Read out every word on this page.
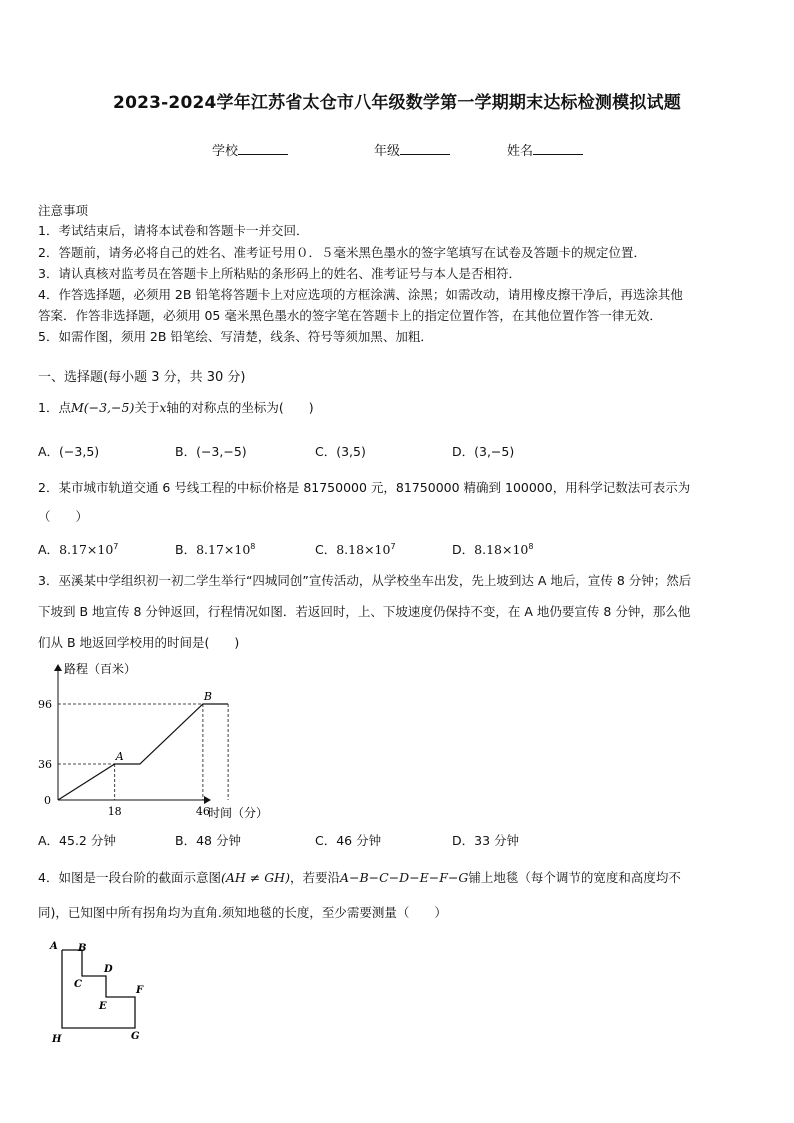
2023-2024学年江苏省太仓市八年级数学第一学期期末达标检测模拟试题
学校	年级	姓名
注意事项
1．考试结束后，请将本试卷和答题卡一并交回．
2．答题前，请务必将自己的姓名、准考证号用０．５毫米黑色墨水的签字笔填写在试卷及答题卡的规定位置．
3．请认真核对监考员在答题卡上所粘贴的条形码上的姓名、准考证号与本人是否相符．
4．作答选择题，必须用 2B 铅笔将答题卡上对应选项的方框涂满、涂黑；如需改动，请用橡皮擦干净后，再选涂其他
答案．作答非选择题，必须用 05 毫米黑色墨水的签字笔在答题卡上的指定位置作答，在其他位置作答一律无效．
5．如需作图，须用 2B 铅笔绘、写清楚，线条、符号等须加黑、加粗．
一、选择题(每小题 3 分，共 30 分)
1．点M(−3,−5)关于x轴的对称点的坐标为(　　)
A．(−3,5)	B．(−3,−5)	C．(3,5)	D．(3,−5)
2．某市城市轨道交通 6 号线工程的中标价格是 81750000 元，81750000 精确到 100000，用科学记数法可表示为
（　　）
A．$8.17\times 10^7$	B．$8.17\times 10^8$	C．$8.18\times 10^7$	D．$8.18\times 10^8$
3．巫溪某中学组织初一初二学生举行“四城同创”宣传活动，从学校坐车出发，先上坡到达 A 地后，宣传 8 分钟；然后
下坡到 B 地宣传 8 分钟返回，行程情况如图．若返回时，上、下坡速度仍保持不变，在 A 地仍要宣传 8 分钟，那么他
们从 B 地返回学校用的时间是(　　)
路程（百米）
时间（分）
0
18	46
36
96
A
B
A．45.2 分钟	B．48 分钟	C．46 分钟	D．33 分钟
4．如图是一段台阶的截面示意图(AH ≠ GH)，若要沿A−B−C−D−E−F−G铺上地毯（每个调节的宽度和高度均不
同)，已知图中所有拐角均为直角.须知地毯的长度，至少需要测量（　　）
A B
C
D
E
F
G
H
